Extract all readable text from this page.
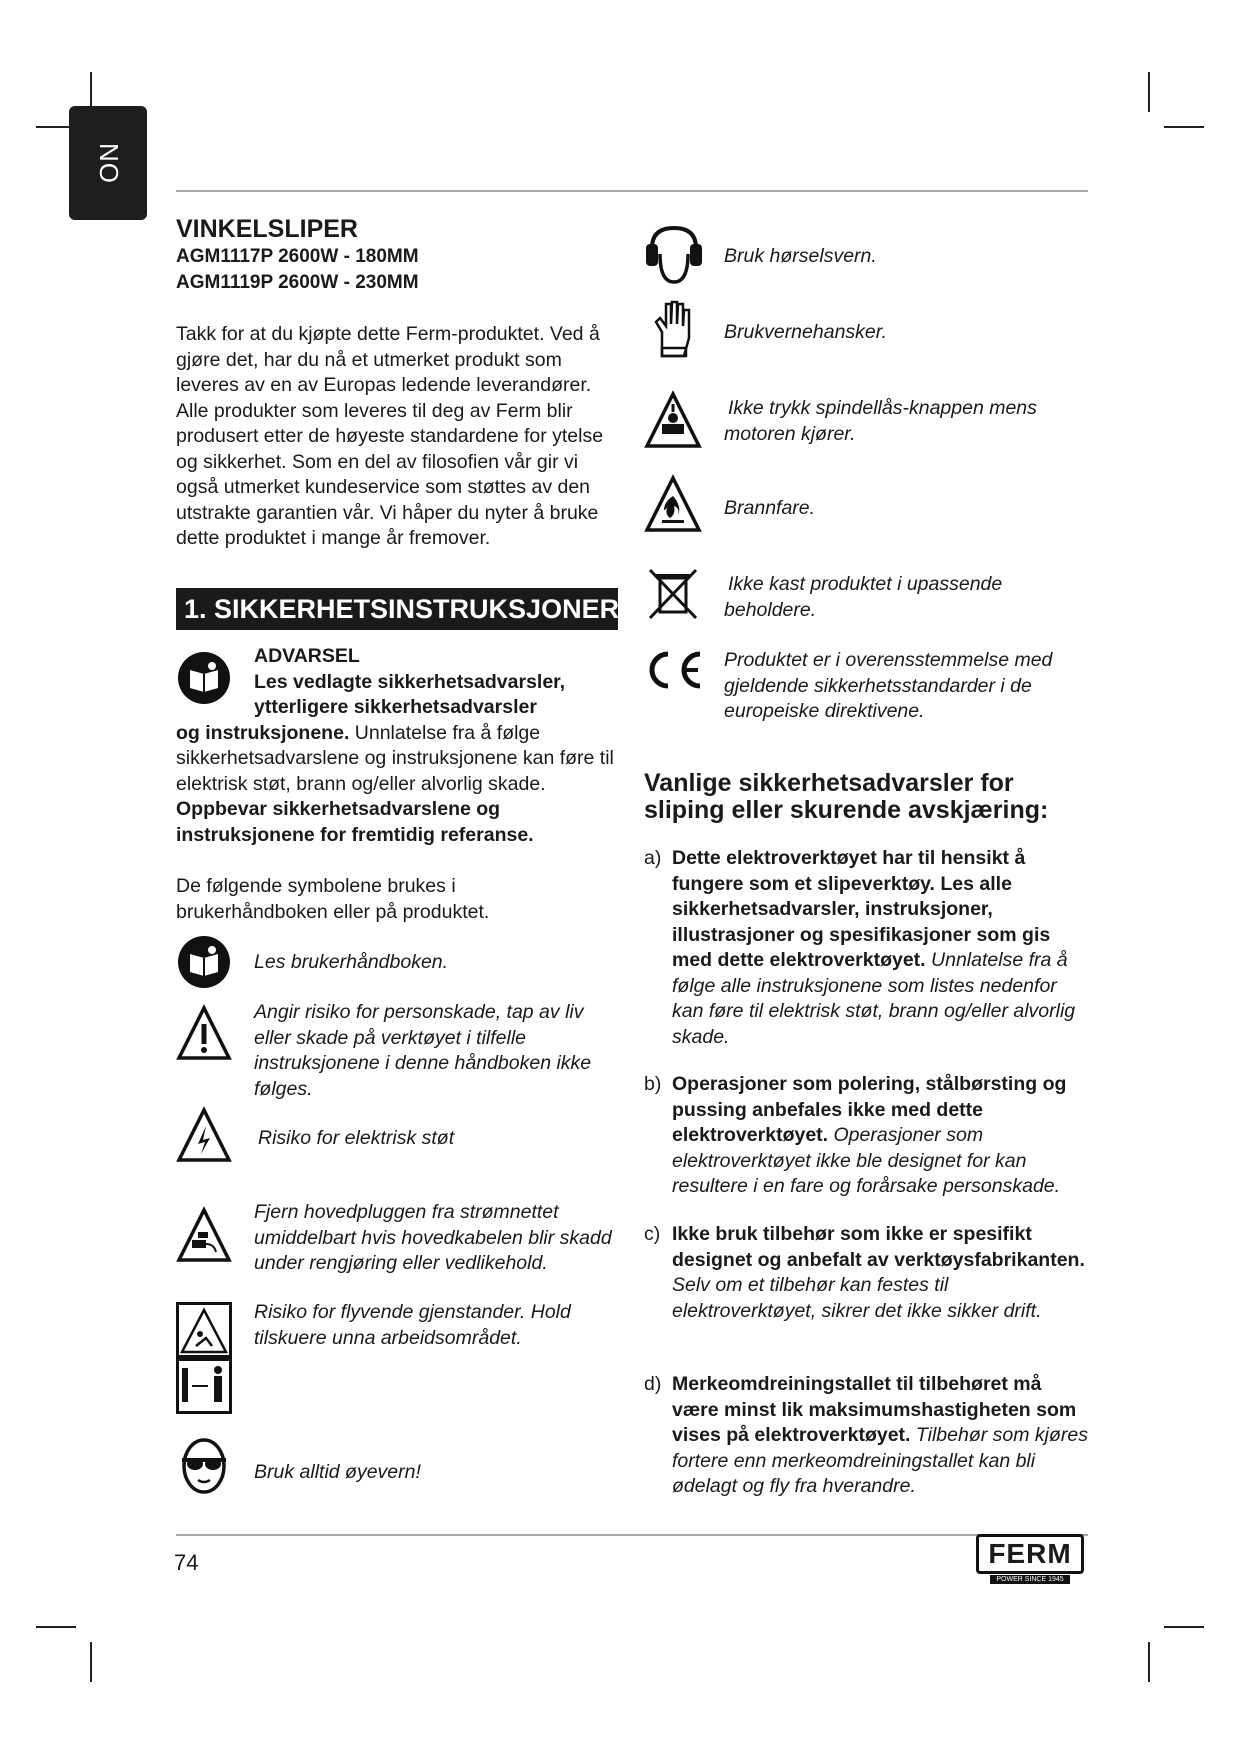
NO
VINKELSLIPER
AGM1117P 2600W - 180MM
AGM1119P 2600W - 230MM
Takk for at du kjøpte dette Ferm-produktet. Ved å gjøre det, har du nå et utmerket produkt som leveres av en av Europas ledende leverandører. Alle produkter som leveres til deg av Ferm blir produsert etter de høyeste standardene for ytelse og sikkerhet. Som en del av filosofien vår gir vi også utmerket kundeservice som støttes av den utstrakte garantien vår. Vi håper du nyter å bruke dette produktet i mange år fremover.
1. SIKKERHETSINSTRUKSJONER
ADVARSEL
Les vedlagte sikkerhetsadvarsler,
ytterligere sikkerhetsadvarsler
og instruksjonene. Unnlatelse fra å følge sikkerhetsadvarslene og instruksjonene kan føre til elektrisk støt, brann og/eller alvorlig skade. Oppbevar sikkerhetsadvarslene og instruksjonene for fremtidig referanse.
De følgende symbolene brukes i brukerhåndboken eller på produktet.
Les brukerhåndboken.
Angir risiko for personskade, tap av liv eller skade på verktøyet i tilfelle instruksjonene i denne håndboken ikke følges.
Risiko for elektrisk støt
Fjern hovedpluggen fra strømnettet umiddelbart hvis hovedkabelen blir skadd under rengjøring eller vedlikehold.
Risiko for flyvende gjenstander. Hold tilskuere unna arbeidsområdet.
Bruk alltid øyevern!
Bruk hørselsvern.
Brukvernehansker.
Ikke trykk spindellås-knappen mens motoren kjører.
Brannfare.
Ikke kast produktet i upassende beholdere.
Produktet er i overensstemmelse med gjeldende sikkerhetsstandarder i de europeiske direktivene.
Vanlige sikkerhetsadvarsler for sliping eller skurende avskjæring:
a) Dette elektroverktøyet har til hensikt å fungere som et slipeverktøy. Les alle sikkerhetsadvarsler, instruksjoner, illustrasjoner og spesifikasjoner som gis med dette elektroverktøyet. Unnlatelse fra å følge alle instruksjonene som listes nedenfor kan føre til elektrisk støt, brann og/eller alvorlig skade.
b) Operasjoner som polering, stålbørsting og pussing anbefales ikke med dette elektroverktøyet. Operasjoner som elektroverktøyet ikke ble designet for kan resultere i en fare og forårsake personskade.
c) Ikke bruk tilbehør som ikke er spesifikt designet og anbefalt av verktøysfabrikanten. Selv om et tilbehør kan festes til elektroverktøyet, sikrer det ikke sikker drift.
d) Merkeomdreiningstallet til tilbehøret må være minst lik maksimumshastigheten som vises på elektroverktøyet. Tilbehør som kjøres fortere enn merkeomdreiningstallet kan bli ødelagt og fly fra hverandre.
74	FERM
POWER SINCE 1945
